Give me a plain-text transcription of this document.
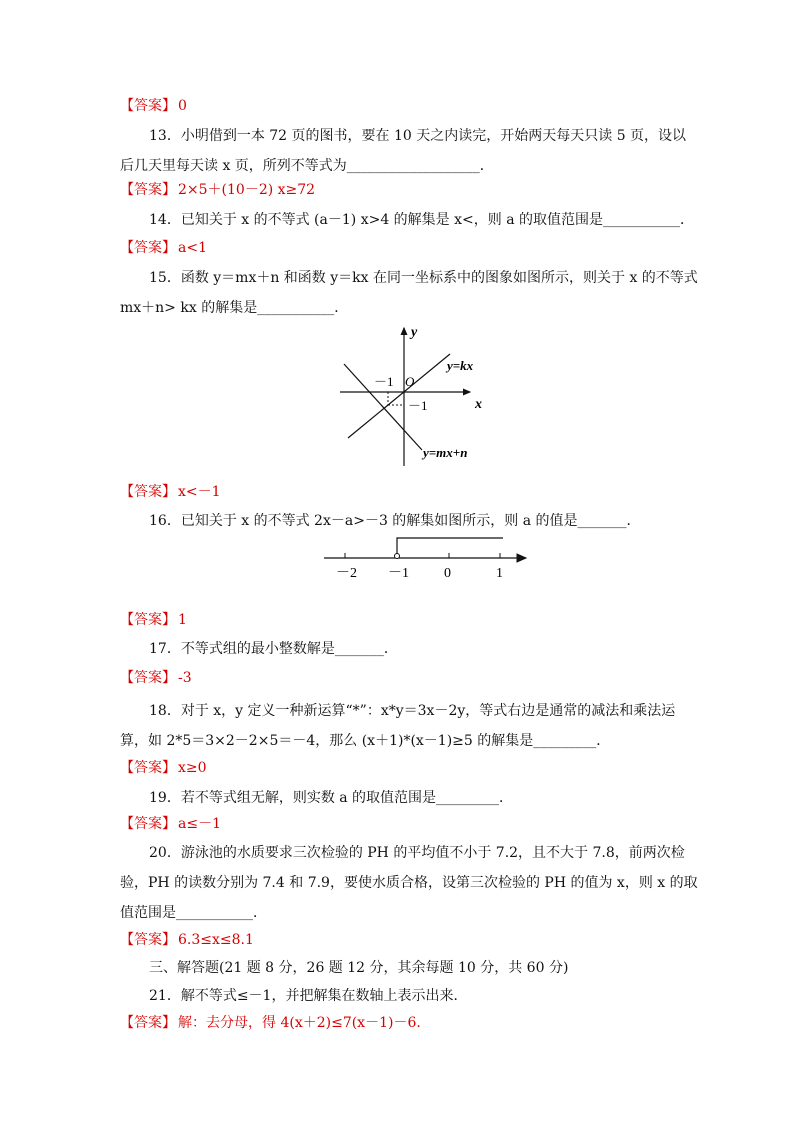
【答案】 0
13．小明借到一本 72 页的图书，要在 10 天之内读完，开始两天每天只读 5 页，设以
后几天里每天读 x 页，所列不等式为___________________．
【答案】 2×5＋(10－2) x≥72
14．已知关于 x 的不等式 (a－1) x>4 的解集是 x<，则 a 的取值范围是___________．
【答案】 a<1
15．函数 y＝mx＋n 和函数 y＝kx 在同一坐标系中的图象如图所示，则关于 x 的不等式
mx＋n> kx 的解集是___________．
y
x
O
－1
－1
y=kx
y=mx+n
【答案】 x<－1
16．已知关于 x 的不等式 2x－a>－3 的解集如图所示，则 a 的值是_______．
－2 －1	0	1
【答案】 1
17．不等式组的最小整数解是_______．
【答案】 -3
18．对于 x，y 定义一种新运算“*”：x*y＝3x－2y，等式右边是通常的减法和乘法运
算，如 2*5＝3×2－2×5＝－4，那么 (x＋1)*(x－1)≥5 的解集是_________．
【答案】 x≥0
19．若不等式组无解，则实数 a 的取值范围是_________．
【答案】 a≤－1
20．游泳池的水质要求三次检验的 PH 的平均值不小于 7.2，且不大于 7.8，前两次检
验，PH 的读数分别为 7.4 和 7.9，要使水质合格，设第三次检验的 PH 的值为 x，则 x 的取
值范围是___________．
【答案】 6.3≤x≤8.1
三、解答题(21 题 8 分，26 题 12 分，其余每题 10 分，共 60 分)
21．解不等式≤－1，并把解集在数轴上表示出来．
【答案】 解：去分母，得 4(x＋2)≤7(x－1)－6.
